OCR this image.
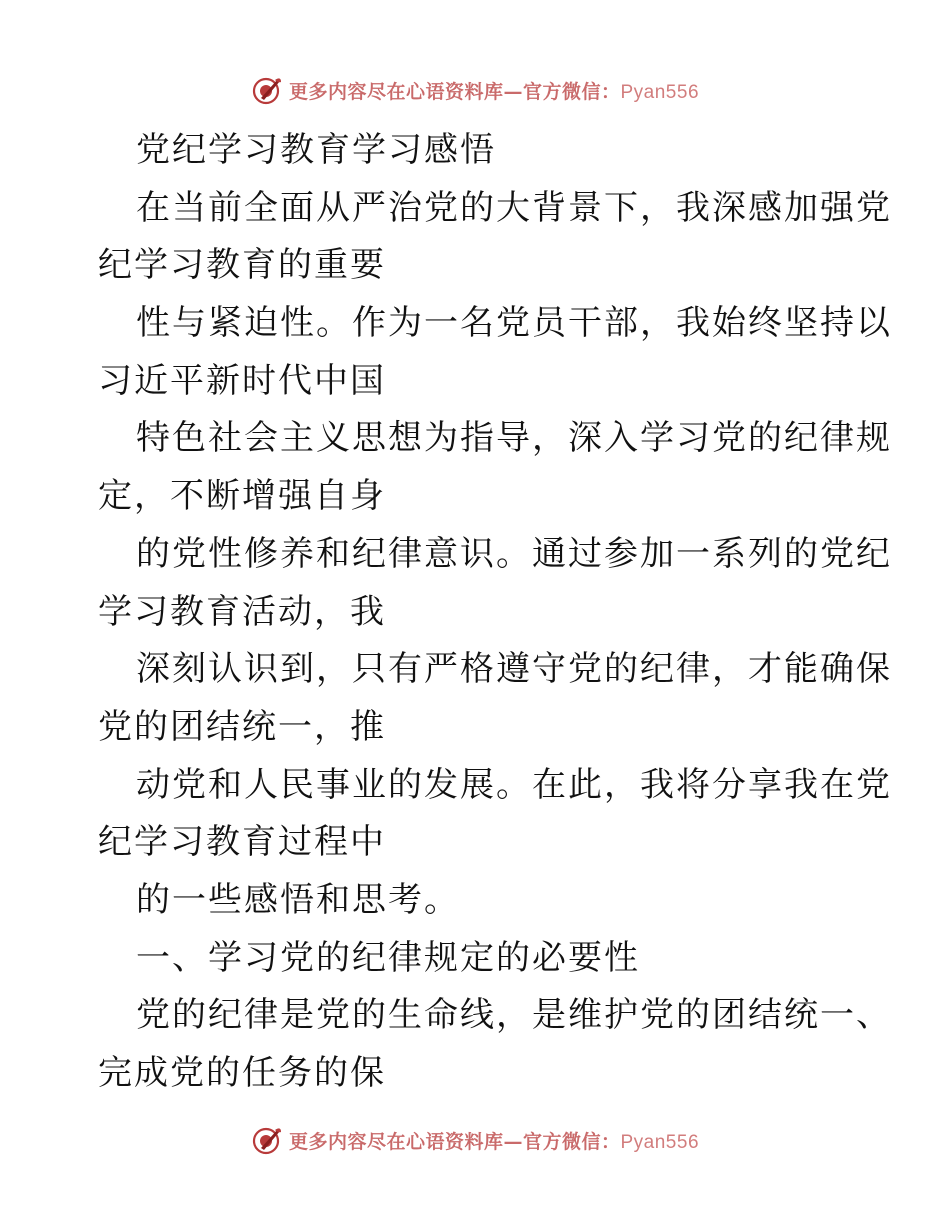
更多内容尽在心语资料库—官方微信：Pyan556
党纪学习教育学习感悟
在当前全面从严治党的大背景下，我深感加强党
纪学习教育的重要
性与紧迫性。作为一名党员干部，我始终坚持以
习近平新时代中国
特色社会主义思想为指导，深入学习党的纪律规
定，不断增强自身
的党性修养和纪律意识。通过参加一系列的党纪
学习教育活动，我
深刻认识到，只有严格遵守党的纪律，才能确保
党的团结统一，推
动党和人民事业的发展。在此，我将分享我在党
纪学习教育过程中
的一些感悟和思考。
一、学习党的纪律规定的必要性
党的纪律是党的生命线，是维护党的团结统一、
完成党的任务的保
更多内容尽在心语资料库—官方微信：Pyan556
